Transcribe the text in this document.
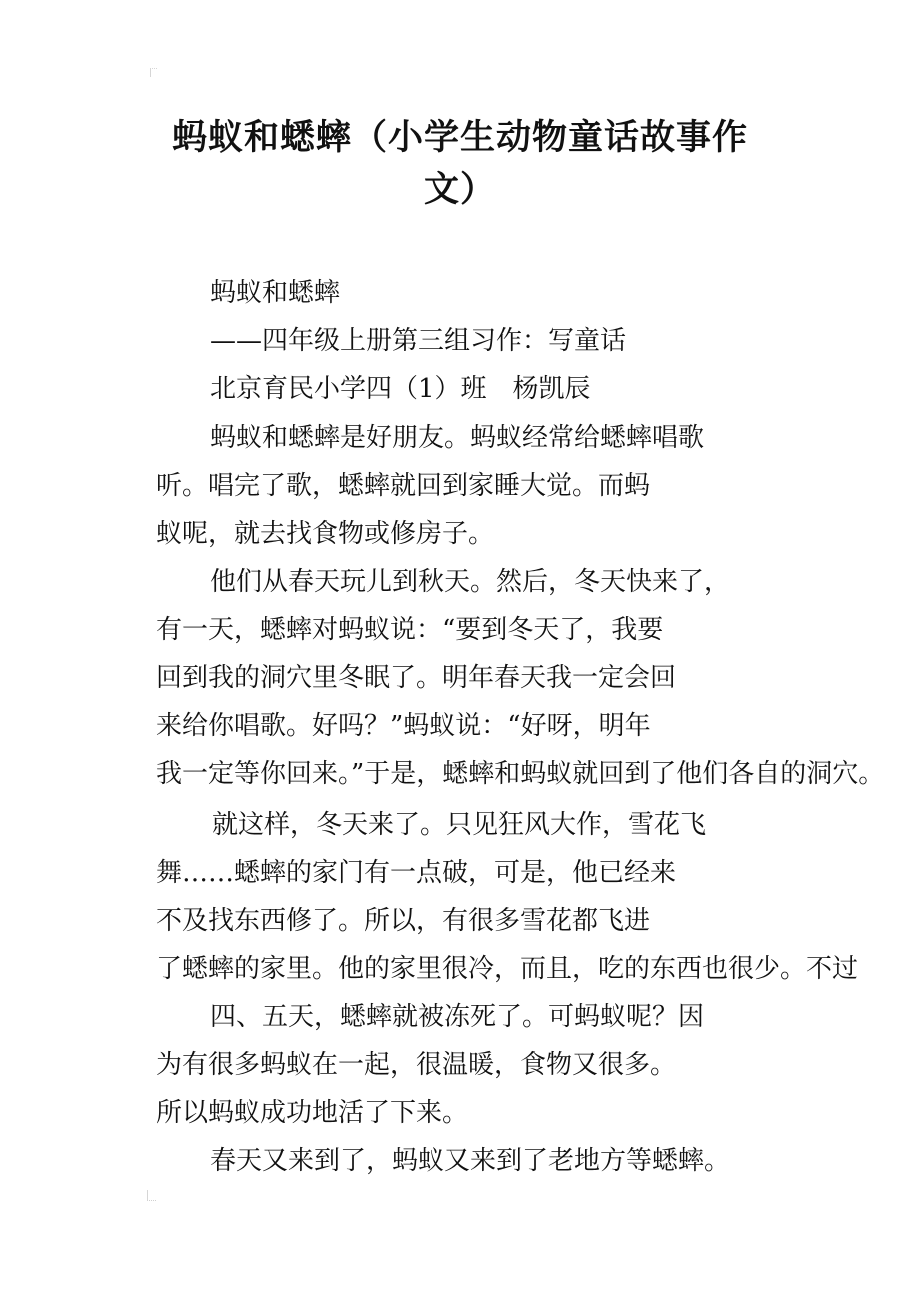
蚂蚁和蟋蟀（小学生动物童话故事作文）

蚂蚁和蟋蟀

——四年级上册第三组习作：写童话

北京育民小学四（1）班　杨凯辰

蚂蚁和蟋蟀是好朋友。蚂蚁经常给蟋蟀唱歌

听。唱完了歌，蟋蟀就回到家睡大觉。而蚂

蚁呢，就去找食物或修房子。

他们从春天玩儿到秋天。然后，冬天快来了，

有一天，蟋蟀对蚂蚁说：“要到冬天了，我要

回到我的洞穴里冬眠了。明年春天我一定会回

来给你唱歌。好吗？”蚂蚁说：“好呀，明年

我一定等你回来。”于是，蟋蟀和蚂蚁就回到了他们各自的洞穴。

就这样，冬天来了。只见狂风大作，雪花飞

舞……蟋蟀的家门有一点破，可是，他已经来

不及找东西修了。所以，有很多雪花都飞进

了蟋蟀的家里。他的家里很冷，而且，吃的东西也很少。不过

四、五天，蟋蟀就被冻死了。可蚂蚁呢？因

为有很多蚂蚁在一起，很温暖，食物又很多。

所以蚂蚁成功地活了下来。

春天又来到了，蚂蚁又来到了老地方等蟋蟀。
